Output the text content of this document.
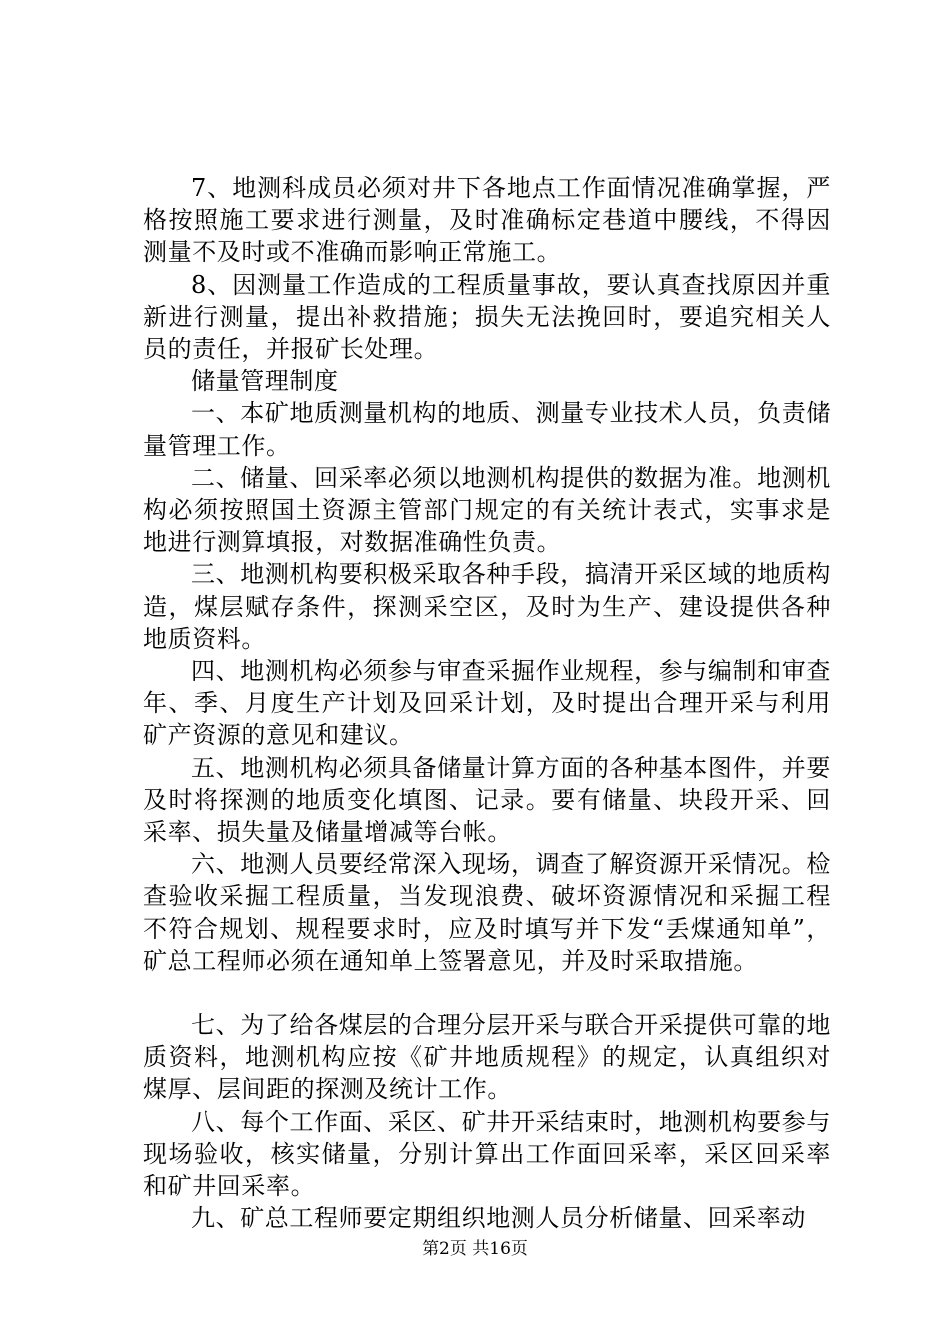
7、地测科成员必须对井下各地点工作面情况准确掌握，严格按照施工要求进行测量，及时准确标定巷道中腰线，不得因测量不及时或不准确而影响正常施工。

8、因测量工作造成的工程质量事故，要认真查找原因并重新进行测量，提出补救措施；损失无法挽回时，要追究相关人员的责任，并报矿长处理。

储量管理制度

一、本矿地质测量机构的地质、测量专业技术人员，负责储量管理工作。

二、储量、回采率必须以地测机构提供的数据为准。地测机构必须按照国土资源主管部门规定的有关统计表式，实事求是地进行测算填报，对数据准确性负责。

三、地测机构要积极采取各种手段，搞清开采区域的地质构造，煤层赋存条件，探测采空区，及时为生产、建设提供各种地质资料。

四、地测机构必须参与审查采掘作业规程，参与编制和审查年、季、月度生产计划及回采计划，及时提出合理开采与利用矿产资源的意见和建议。

五、地测机构必须具备储量计算方面的各种基本图件，并要及时将探测的地质变化填图、记录。要有储量、块段开采、回采率、损失量及储量增减等台帐。

六、地测人员要经常深入现场，调查了解资源开采情况。检查验收采掘工程质量，当发现浪费、破坏资源情况和采掘工程不符合规划、规程要求时，应及时填写并下发“丢煤通知单”，矿总工程师必须在通知单上签署意见，并及时采取措施。

七、为了给各煤层的合理分层开采与联合开采提供可靠的地质资料，地测机构应按《矿井地质规程》的规定，认真组织对煤厚、层间距的探测及统计工作。

八、每个工作面、采区、矿井开采结束时，地测机构要参与现场验收，核实储量，分别计算出工作面回采率，采区回采率和矿井回采率。

九、矿总工程师要定期组织地测人员分析储量、回采率动

第2页 共16页
